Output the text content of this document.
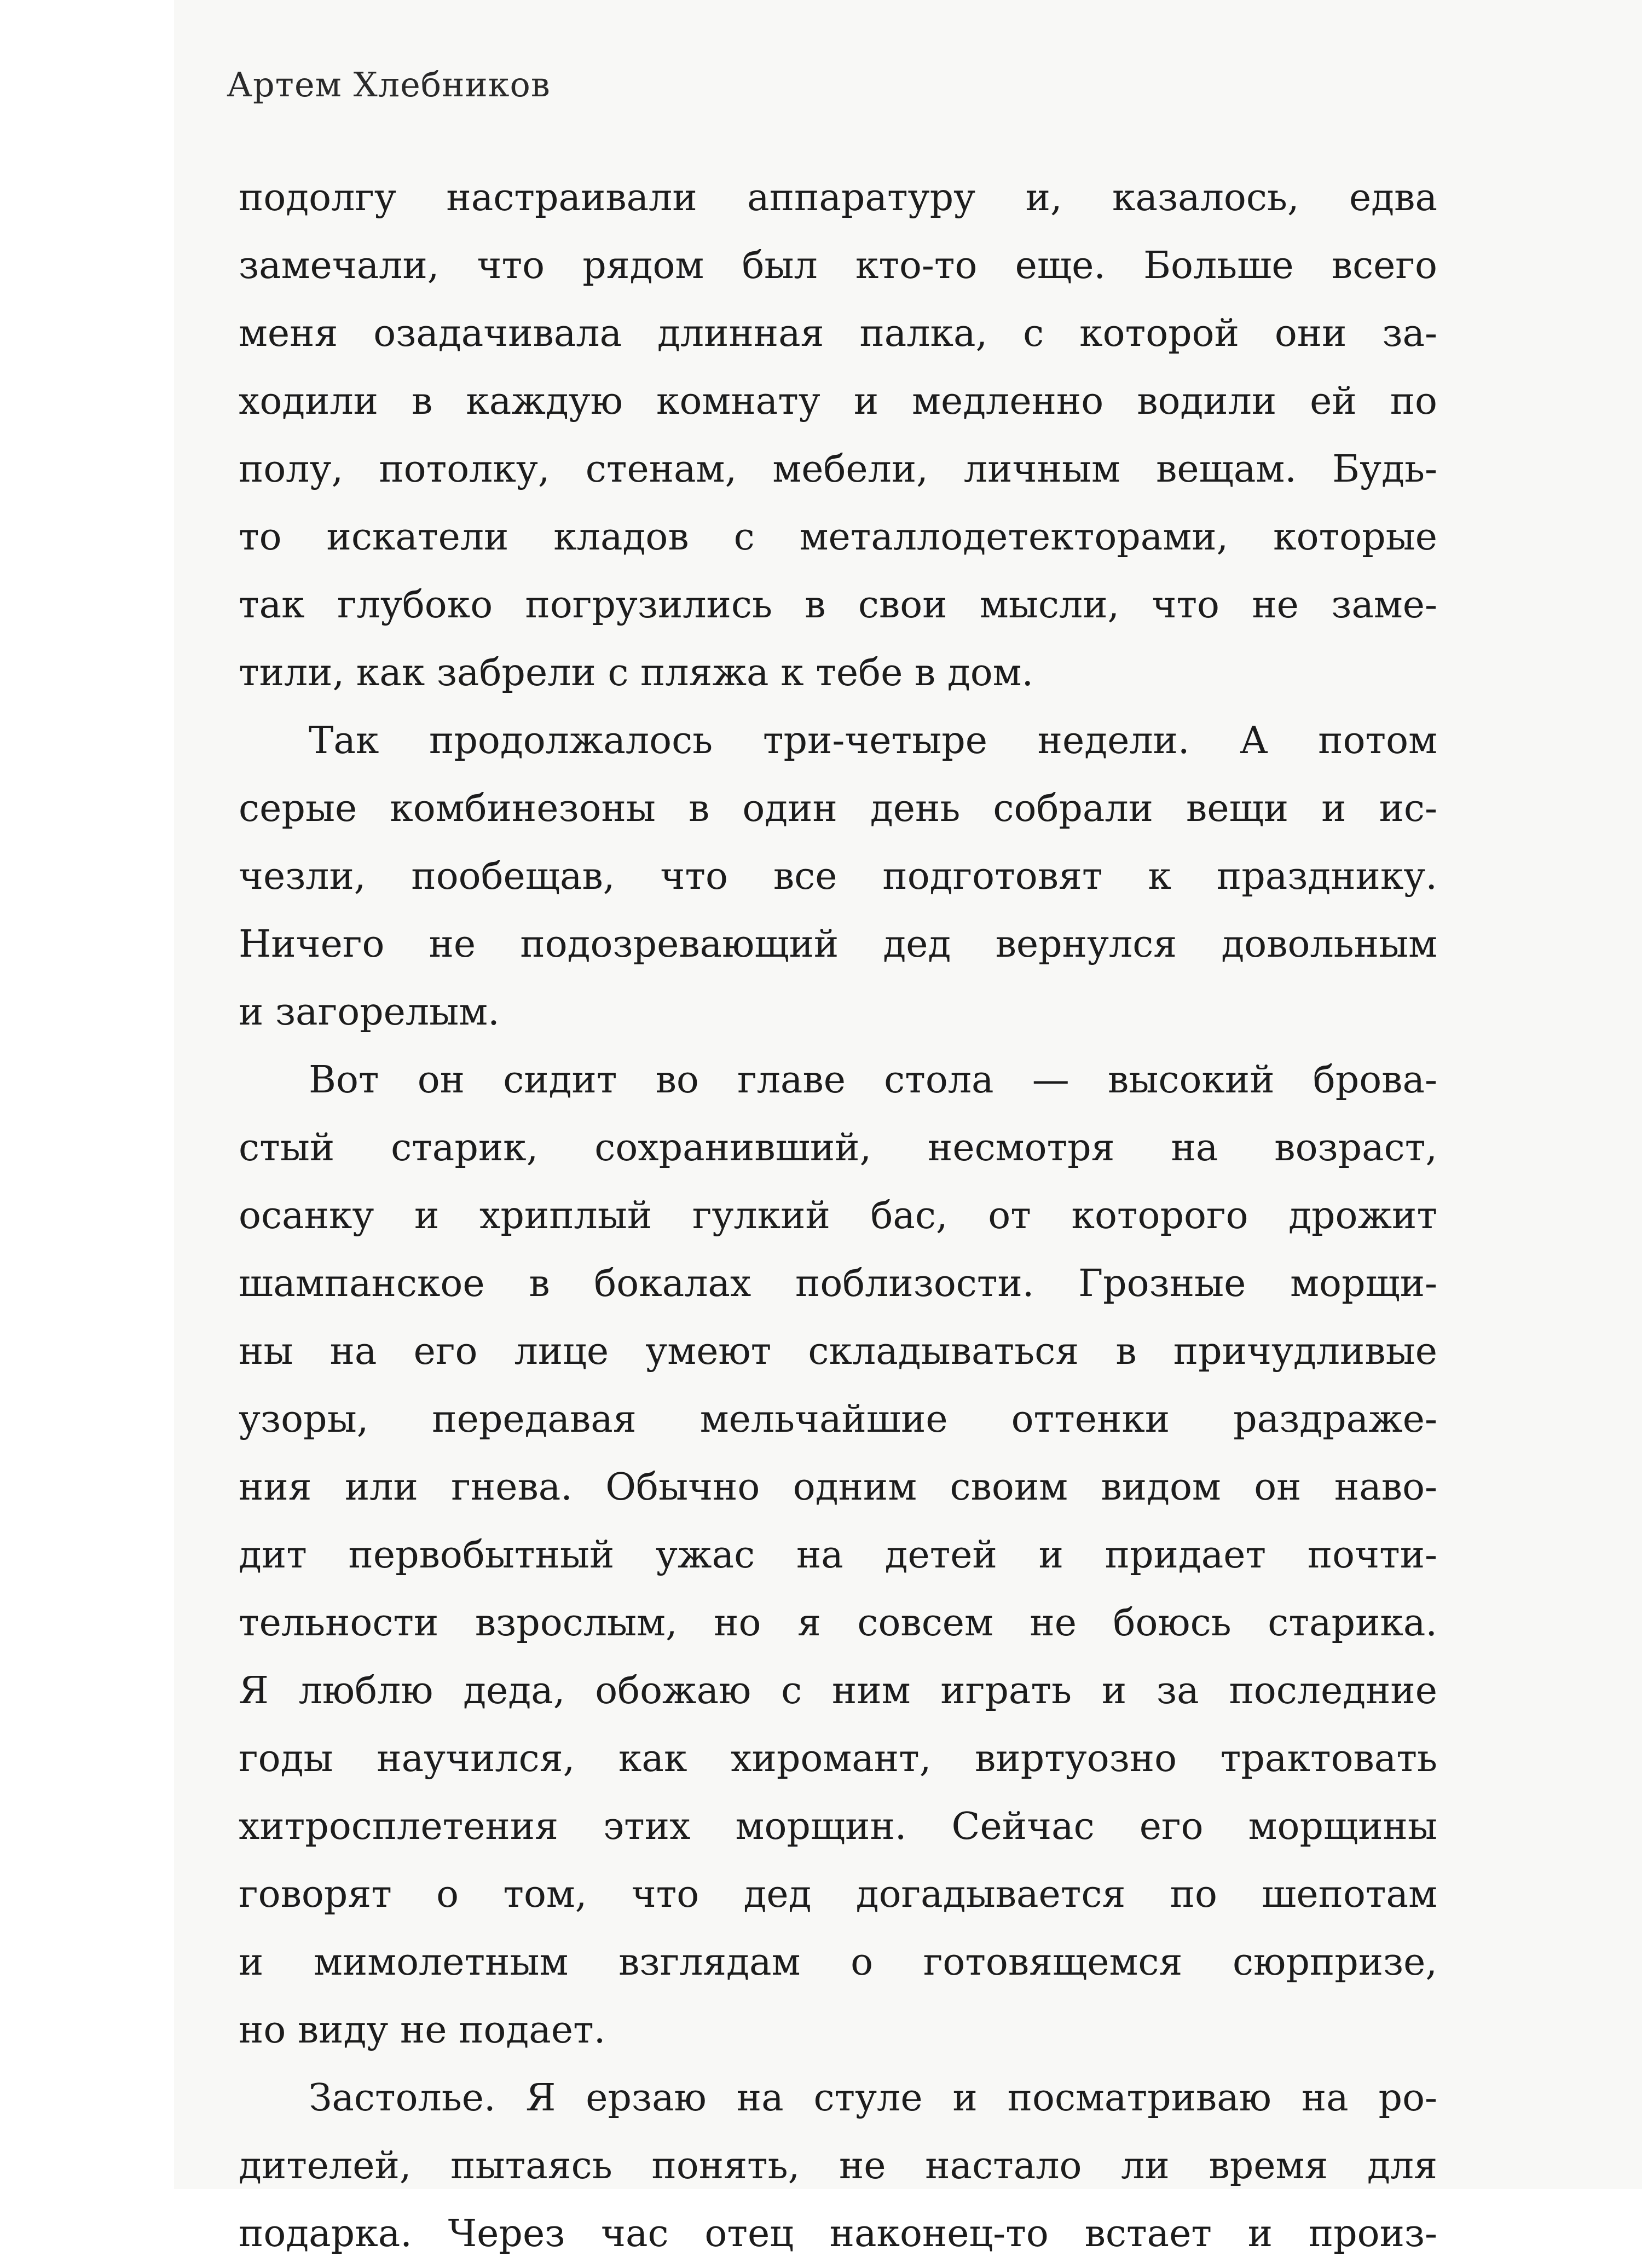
Артем Хлебников
подолгу настраивали аппаратуру и, казалось, едва
замечали, что рядом был кто-то еще. Больше всего
меня озадачивала длинная палка, с которой они за-
ходили в каждую комнату и медленно водили ей по
полу, потолку, стенам, мебели, личным вещам. Будь-
то искатели кладов с металлодетекторами, которые
так глубоко погрузились в свои мысли, что не заме-
тили, как забрели с пляжа к тебе в дом.
Так продолжалось три-четыре недели. А потом
серые комбинезоны в один день собрали вещи и ис-
чезли, пообещав, что все подготовят к празднику.
Ничего не подозревающий дед вернулся довольным
и загорелым.
Вот он сидит во главе стола — высокий брова-
стый старик, сохранивший, несмотря на возраст,
осанку и хриплый гулкий бас, от которого дрожит
шампанское в бокалах поблизости. Грозные морщи-
ны на его лице умеют складываться в причудливые
узоры, передавая мельчайшие оттенки раздраже-
ния или гнева. Обычно одним своим видом он наво-
дит первобытный ужас на детей и придает почти-
тельности взрослым, но я совсем не боюсь старика.
Я люблю деда, обожаю с ним играть и за последние
годы научился, как хиромант, виртуозно трактовать
хитросплетения этих морщин. Сейчас его морщины
говорят о том, что дед догадывается по шепотам
и мимолетным взглядам о готовящемся сюрпризе,
но виду не подает.
Застолье. Я ерзаю на стуле и посматриваю на ро-
дителей, пытаясь понять, не настало ли время для
подарка. Через час отец наконец-то встает и произ-
